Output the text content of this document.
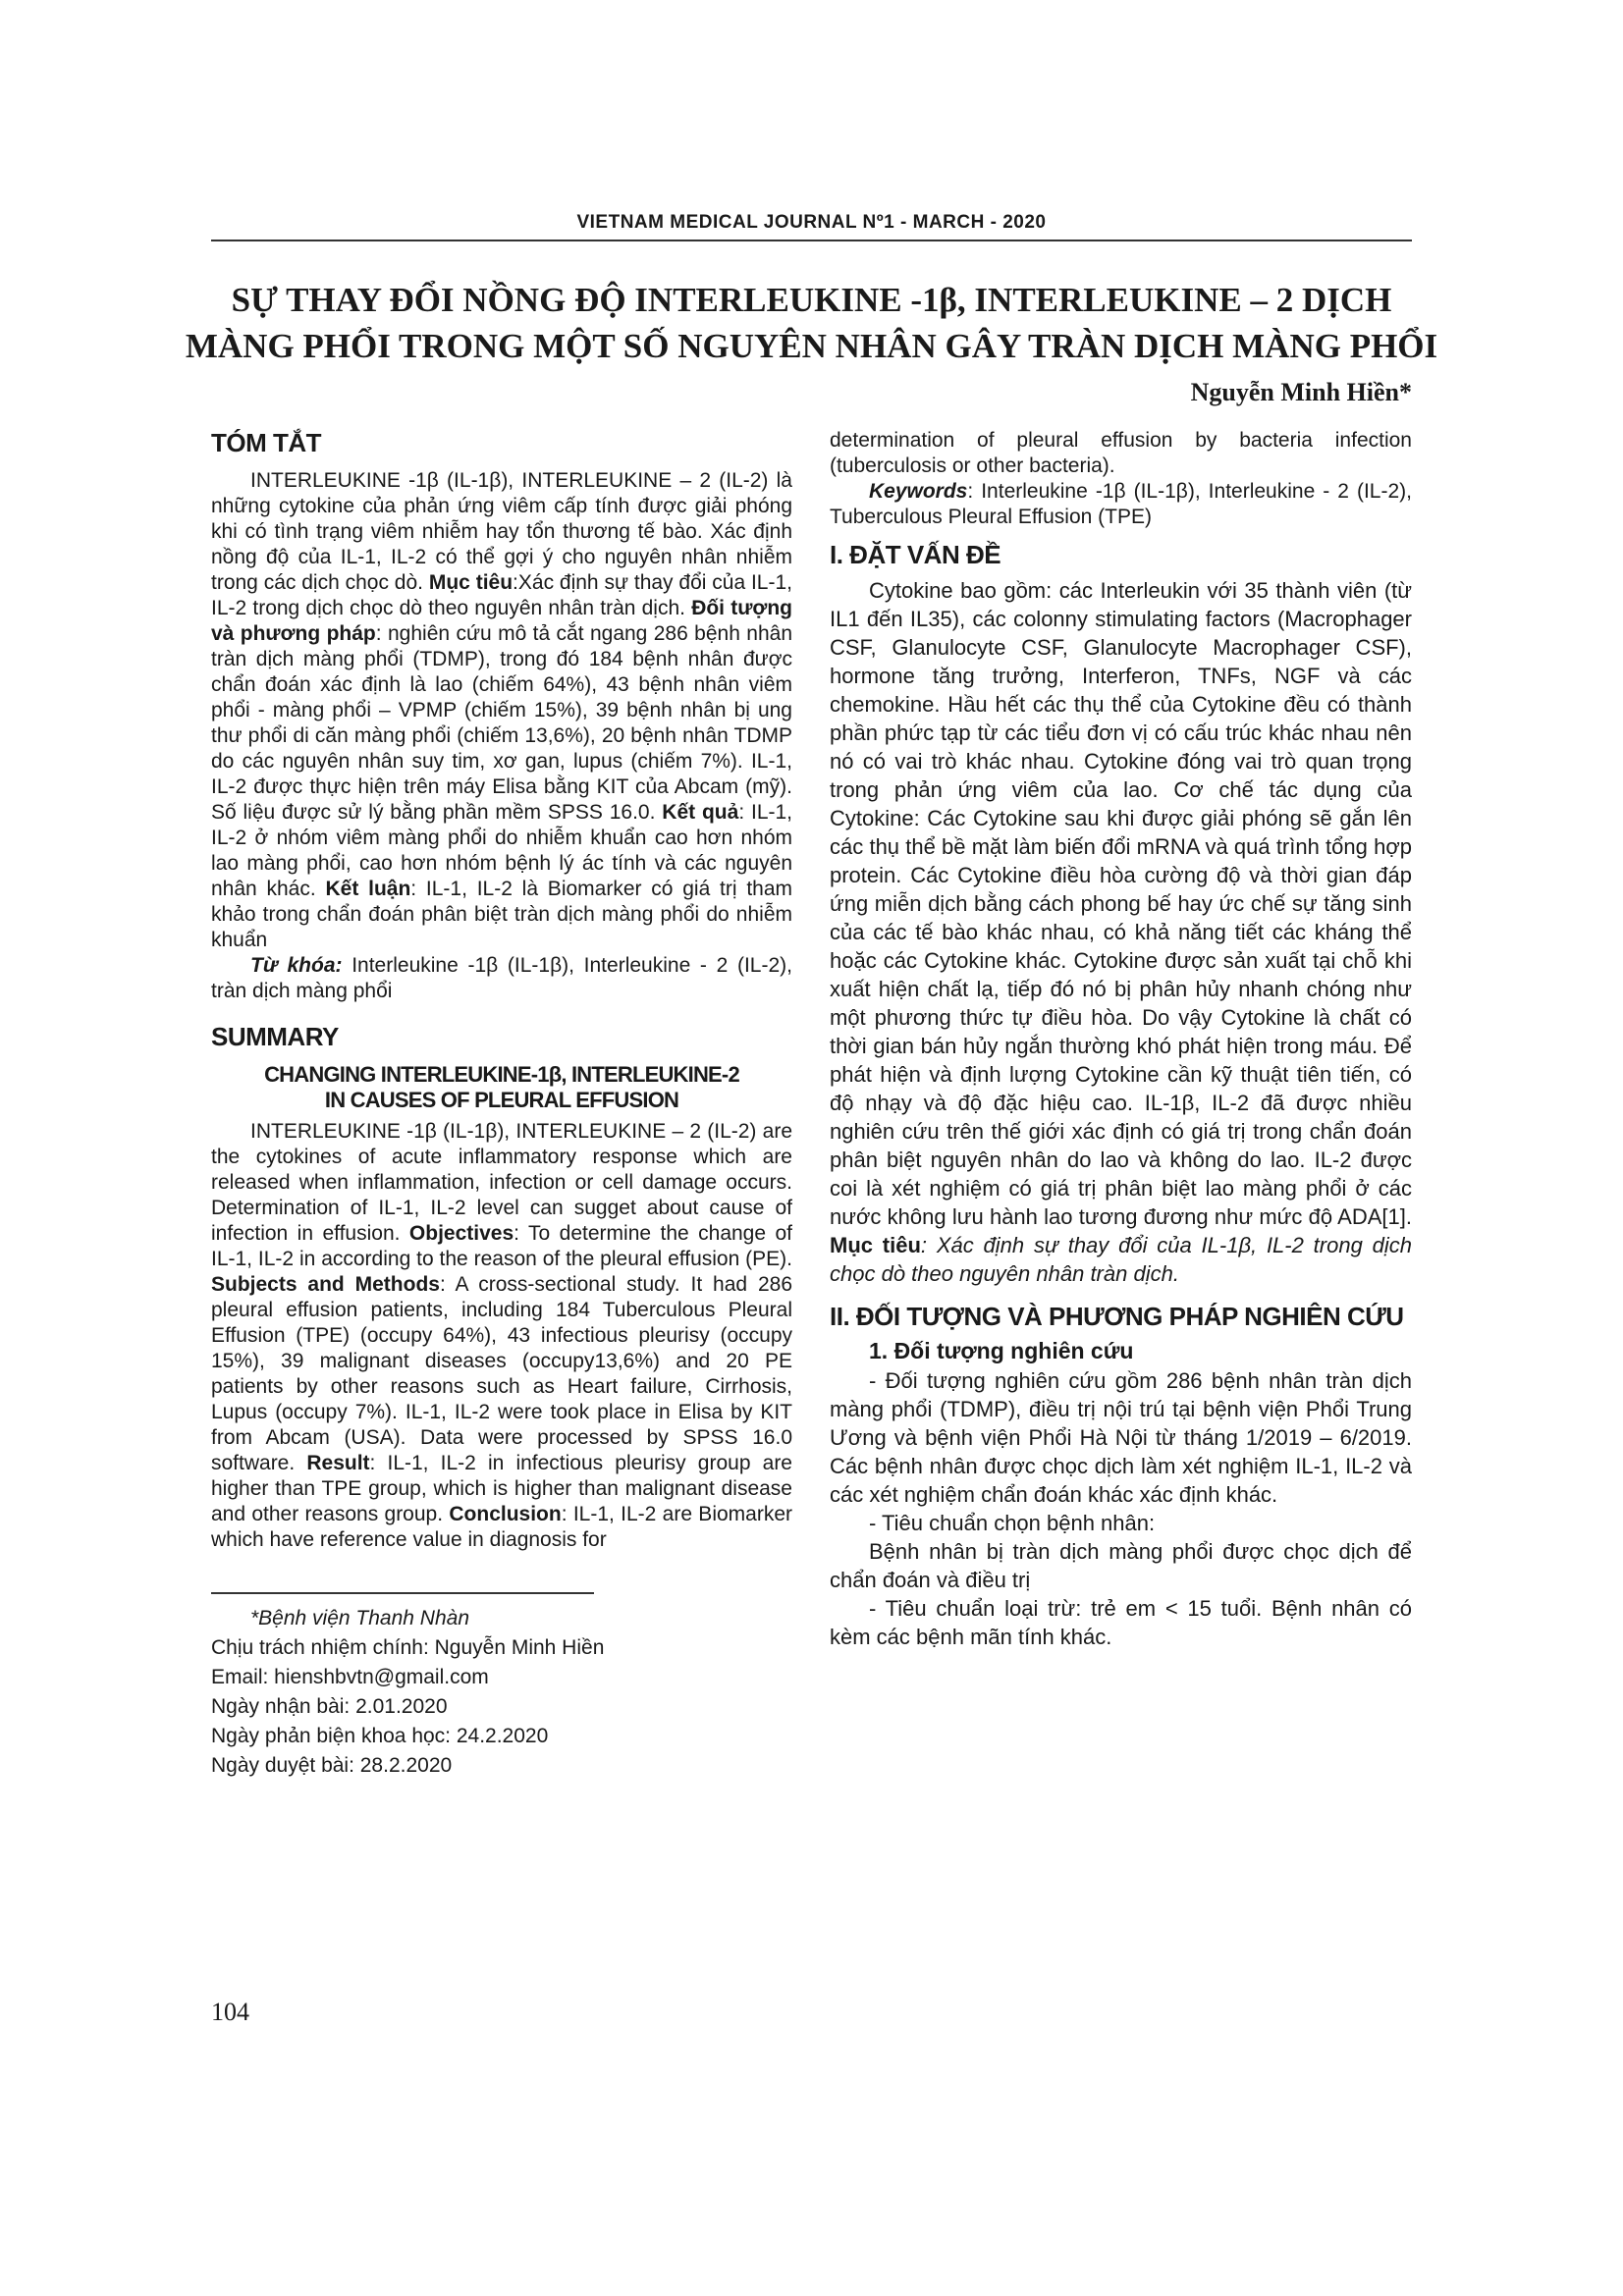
VIETNAM MEDICAL JOURNAL Nº1 - MARCH - 2020
SỰ THAY ĐỔI NỒNG ĐỘ INTERLEUKINE -1β, INTERLEUKINE – 2 DỊCH
MÀNG PHỔI TRONG MỘT SỐ NGUYÊN NHÂN GÂY TRÀN DỊCH MÀNG PHỔI
Nguyễn Minh Hiền*
TÓM TẮT

INTERLEUKINE -1β (IL-1β), INTERLEUKINE – 2 (IL-2) là những cytokine của phản ứng viêm cấp tính được giải phóng khi có tình trạng viêm nhiễm hay tổn thương tế bào. Xác định nồng độ của IL-1, IL-2 có thể gợi ý cho nguyên nhân nhiễm trong các dịch chọc dò. Mục tiêu:Xác định sự thay đổi của IL-1, IL-2 trong dịch chọc dò theo nguyên nhân tràn dịch. Đối tượng và phương pháp: nghiên cứu mô tả cắt ngang 286 bệnh nhân tràn dịch màng phổi (TDMP), trong đó 184 bệnh nhân được chẩn đoán xác định là lao (chiếm 64%), 43 bệnh nhân viêm phổi - màng phổi – VPMP (chiếm 15%), 39 bệnh nhân bị ung thư phổi di căn màng phổi (chiếm 13,6%), 20 bệnh nhân TDMP do các nguyên nhân suy tim, xơ gan, lupus (chiếm 7%). IL-1, IL-2 được thực hiện trên máy Elisa bằng KIT của Abcam (mỹ). Số liệu được sử lý bằng phần mềm SPSS 16.0. Kết quả: IL-1, IL-2 ở nhóm viêm màng phổi do nhiễm khuẩn cao hơn nhóm lao màng phổi, cao hơn nhóm bệnh lý ác tính và các nguyên nhân khác. Kết luận: IL-1, IL-2 là Biomarker có giá trị tham khảo trong chẩn đoán phân biệt tràn dịch màng phổi do nhiễm khuẩn

Từ khóa: Interleukine -1β (IL-1β), Interleukine - 2 (IL-2), tràn dịch màng phổi

SUMMARY
CHANGING INTERLEUKINE-1β, INTERLEUKINE-2
IN CAUSES OF PLEURAL EFFUSION

INTERLEUKINE -1β (IL-1β), INTERLEUKINE – 2 (IL-2) are the cytokines of acute inflammatory response which are released when inflammation, infection or cell damage occurs. Determination of IL-1, IL-2 level can sugget about cause of infection in effusion. Objectives: To determine the change of IL-1, IL-2 in according to the reason of the pleural effusion (PE). Subjects and Methods: A cross-sectional study. It had 286 pleural effusion patients, including 184 Tuberculous Pleural Effusion (TPE) (occupy 64%), 43 infectious pleurisy (occupy 15%), 39 malignant diseases (occupy13,6%) and 20 PE patients by other reasons such as Heart failure, Cirrhosis, Lupus (occupy 7%). IL-1, IL-2 were took place in Elisa by KIT from Abcam (USA). Data were processed by SPSS 16.0 software. Result: IL-1, IL-2 in infectious pleurisy group are higher than TPE group, which is higher than malignant disease and other reasons group. Conclusion: IL-1, IL-2 are Biomarker which have reference value in diagnosis for

*Bệnh viện Thanh Nhàn
Chịu trách nhiệm chính: Nguyễn Minh Hiền
Email: hienshbvtn@gmail.com
Ngày nhận bài: 2.01.2020
Ngày phản biện khoa học: 24.2.2020
Ngày duyệt bài: 28.2.2020

determination of pleural effusion by bacteria infection (tuberculosis or other bacteria).

Keywords: Interleukine -1β (IL-1β), Interleukine - 2 (IL-2), Tuberculous Pleural Effusion (TPE)

I. ĐẶT VẤN ĐỀ

Cytokine bao gồm: các Interleukin với 35 thành viên (từ IL1 đến IL35), các colonny stimulating factors (Macrophager CSF, Glanulocyte CSF, Glanulocyte Macrophager CSF), hormone tăng trưởng, Interferon, TNFs, NGF và các chemokine. Hầu hết các thụ thể của Cytokine đều có thành phần phức tạp từ các tiểu đơn vị có cấu trúc khác nhau nên nó có vai trò khác nhau. Cytokine đóng vai trò quan trọng trong phản ứng viêm của lao. Cơ chế tác dụng của Cytokine: Các Cytokine sau khi được giải phóng sẽ gắn lên các thụ thể bề mặt làm biến đổi mRNA và quá trình tổng hợp protein. Các Cytokine điều hòa cường độ và thời gian đáp ứng miễn dịch bằng cách phong bế hay ức chế sự tăng sinh của các tế bào khác nhau, có khả năng tiết các kháng thể hoặc các Cytokine khác. Cytokine được sản xuất tại chỗ khi xuất hiện chất lạ, tiếp đó nó bị phân hủy nhanh chóng như một phương thức tự điều hòa. Do vậy Cytokine là chất có thời gian bán hủy ngắn thường khó phát hiện trong máu. Để phát hiện và định lượng Cytokine cần kỹ thuật tiên tiến, có độ nhạy và độ đặc hiệu cao. IL-1β, IL-2 đã được nhiều nghiên cứu trên thế giới xác định có giá trị trong chẩn đoán phân biệt nguyên nhân do lao và không do lao. IL-2 được coi là xét nghiệm có giá trị phân biệt lao màng phổi ở các nước không lưu hành lao tương đương như mức độ ADA[1]. Mục tiêu: Xác định sự thay đổi của IL-1β, IL-2 trong dịch chọc dò theo nguyên nhân tràn dịch.

II. ĐỐI TƯỢNG VÀ PHƯƠNG PHÁP NGHIÊN CỨU
1. Đối tượng nghiên cứu

- Đối tượng nghiên cứu gồm 286 bệnh nhân tràn dịch màng phổi (TDMP), điều trị nội trú tại bệnh viện Phổi Trung Ương và bệnh viện Phổi Hà Nội từ tháng 1/2019 – 6/2019. Các bệnh nhân được chọc dịch làm xét nghiệm IL-1, IL-2 và các xét nghiệm chẩn đoán khác xác định khác.

- Tiêu chuẩn chọn bệnh nhân:

Bệnh nhân bị tràn dịch màng phổi được chọc dịch để chẩn đoán và điều trị

- Tiêu chuẩn loại trừ: trẻ em < 15 tuổi. Bệnh nhân có kèm các bệnh mãn tính khác.

104
